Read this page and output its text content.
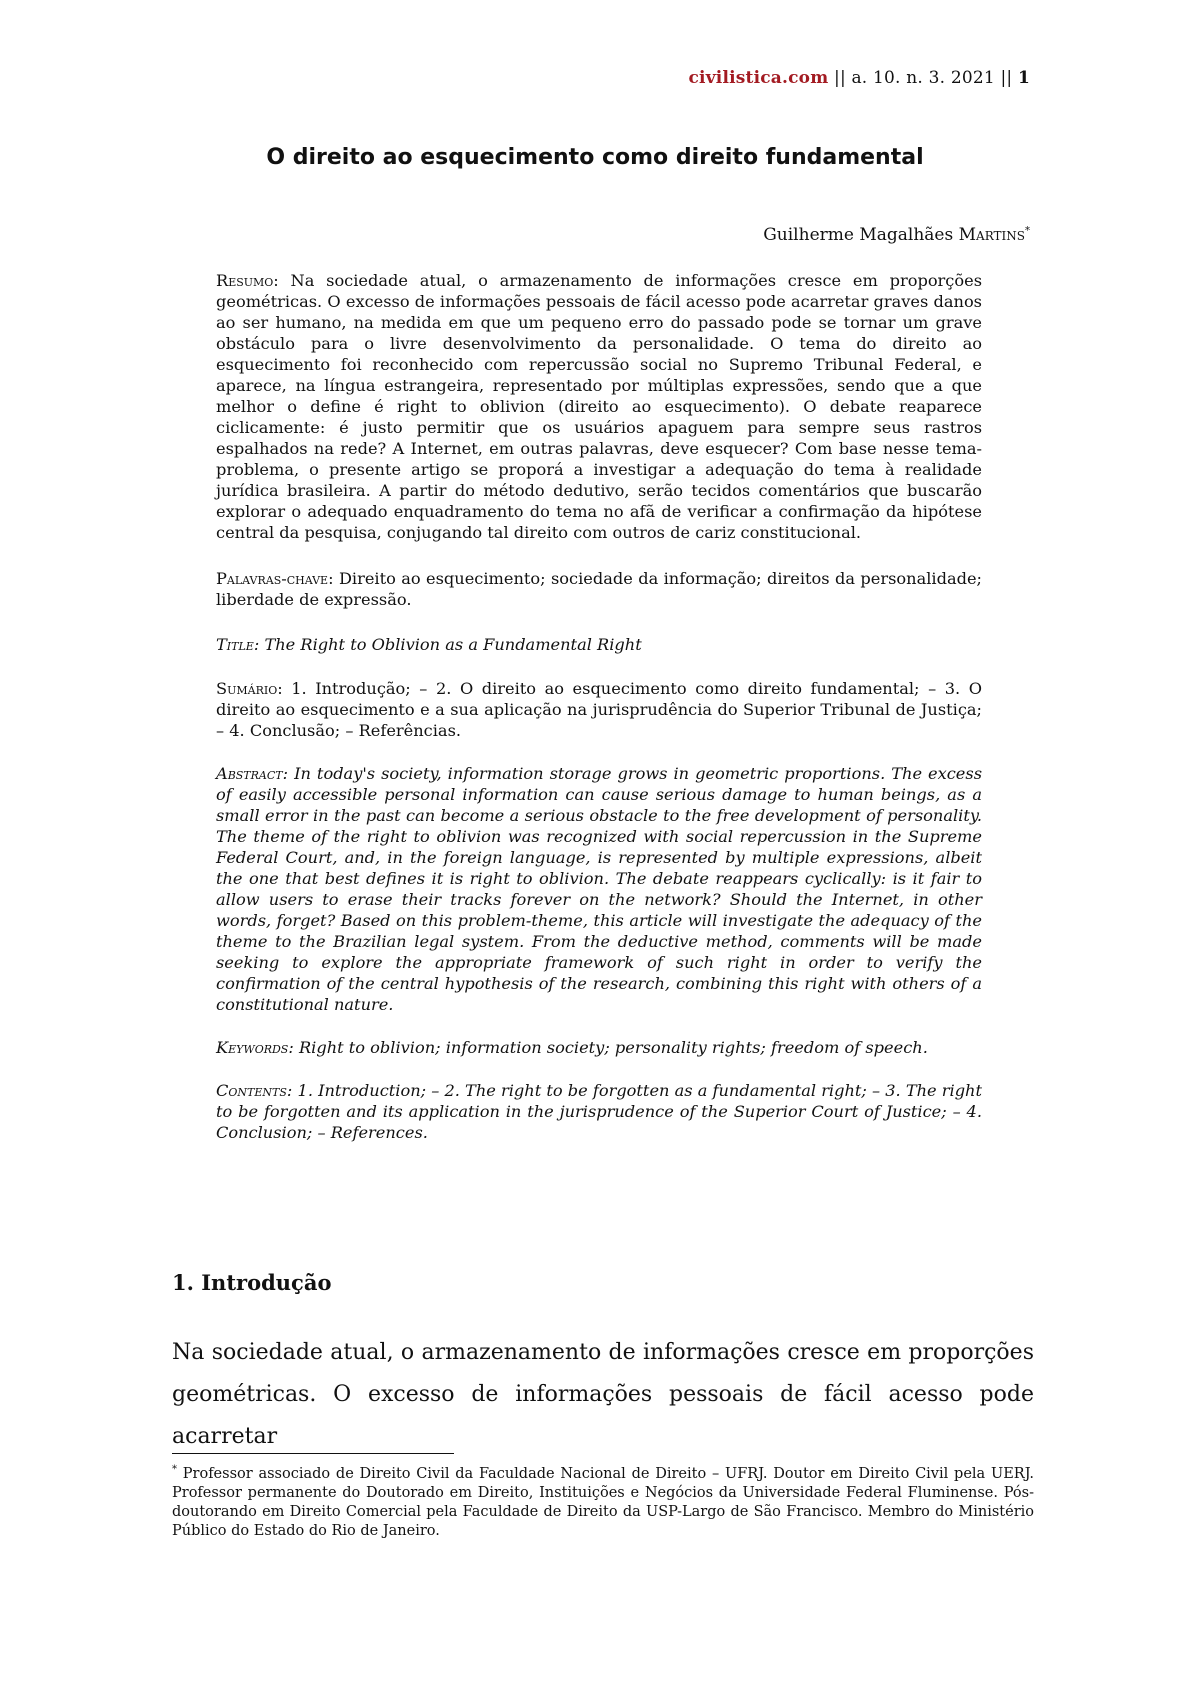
civilistica.com || a. 10. n. 3. 2021 || 1
O direito ao esquecimento como direito fundamental
Guilherme Magalhães Martins*

Resumo: Na sociedade atual, o armazenamento de informações cresce em proporções geométricas. O excesso de informações pessoais de fácil acesso pode acarretar graves danos ao ser humano, na medida em que um pequeno erro do passado pode se tornar um grave obstáculo para o livre desenvolvimento da personalidade. O tema do direito ao esquecimento foi reconhecido com repercussão social no Supremo Tribunal Federal, e aparece, na língua estrangeira, representado por múltiplas expressões, sendo que a que melhor o define é right to oblivion (direito ao esquecimento). O debate reaparece ciclicamente: é justo permitir que os usuários apaguem para sempre seus rastros espalhados na rede? A Internet, em outras palavras, deve esquecer? Com base nesse tema-problema, o presente artigo se proporá a investigar a adequação do tema à realidade jurídica brasileira. A partir do método dedutivo, serão tecidos comentários que buscarão explorar o adequado enquadramento do tema no afã de verificar a confirmação da hipótese central da pesquisa, conjugando tal direito com outros de cariz constitucional.

Palavras-chave: Direito ao esquecimento; sociedade da informação; direitos da personalidade; liberdade de expressão.

Title: The Right to Oblivion as a Fundamental Right

Sumário: 1. Introdução; – 2. O direito ao esquecimento como direito fundamental; – 3. O direito ao esquecimento e a sua aplicação na jurisprudência do Superior Tribunal de Justiça; – 4. Conclusão; – Referências.

Abstract: In today's society, information storage grows in geometric proportions. The excess of easily accessible personal information can cause serious damage to human beings, as a small error in the past can become a serious obstacle to the free development of personality. The theme of the right to oblivion was recognized with social repercussion in the Supreme Federal Court, and, in the foreign language, is represented by multiple expressions, albeit the one that best defines it is right to oblivion. The debate reappears cyclically: is it fair to allow users to erase their tracks forever on the network? Should the Internet, in other words, forget? Based on this problem-theme, this article will investigate the adequacy of the theme to the Brazilian legal system. From the deductive method, comments will be made seeking to explore the appropriate framework of such right in order to verify the confirmation of the central hypothesis of the research, combining this right with others of a constitutional nature.

Keywords: Right to oblivion; information society; personality rights; freedom of speech.

Contents: 1. Introduction; – 2. The right to be forgotten as a fundamental right; – 3. The right to be forgotten and its application in the jurisprudence of the Superior Court of Justice; – 4. Conclusion; – References.

1. Introdução

Na sociedade atual, o armazenamento de informações cresce em proporções geométricas. O excesso de informações pessoais de fácil acesso pode acarretar

* Professor associado de Direito Civil da Faculdade Nacional de Direito – UFRJ. Doutor em Direito Civil pela UERJ. Professor permanente do Doutorado em Direito, Instituições e Negócios da Universidade Federal Fluminense. Pós-doutorando em Direito Comercial pela Faculdade de Direito da USP-Largo de São Francisco. Membro do Ministério Público do Estado do Rio de Janeiro.
